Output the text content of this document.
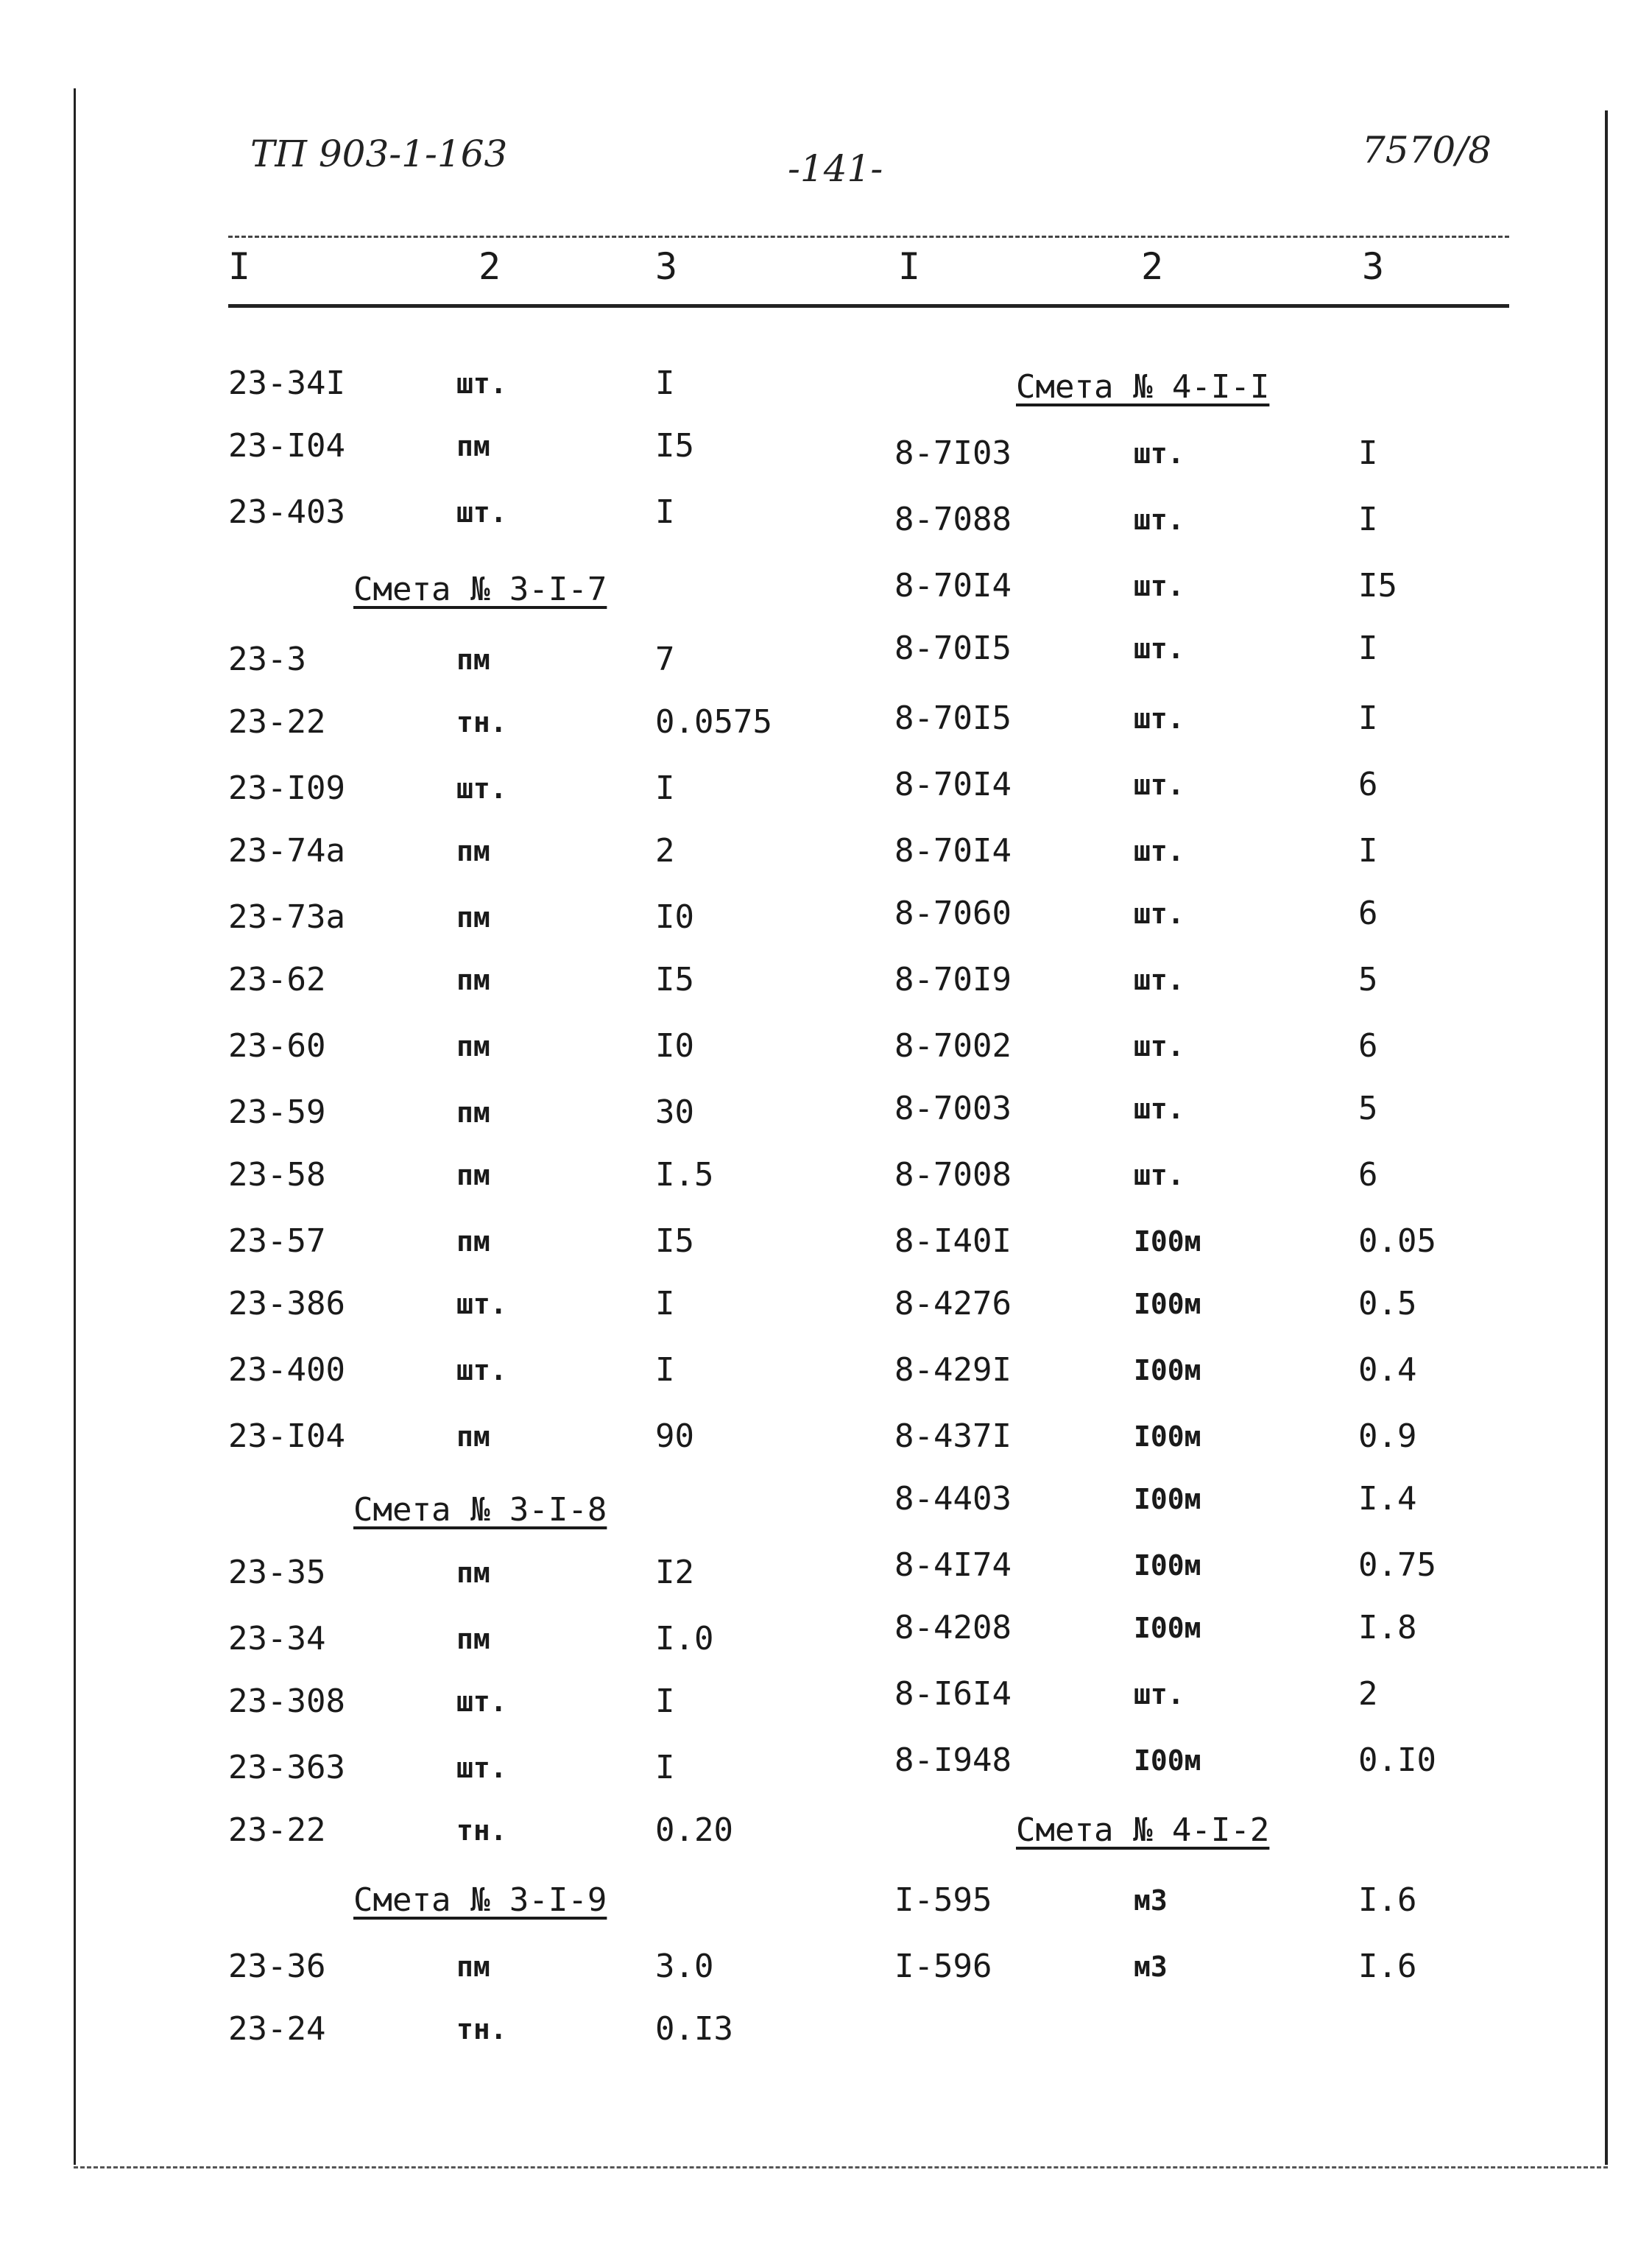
ТП 903-1-163	-141-	7570/8
I	2	3	I	2	3
23-34I	шт.	I
23-I04	пм	I5
23-403	шт.	I
Смета № 3-I-7
23-3	пм	7
23-22	тн.	0.0575
23-I09	шт.	I
23-74а	пм	2
23-73а	пм	I0
23-62	пм	I5
23-60	пм	I0
23-59	пм	30
23-58	пм	I.5
23-57	пм	I5
23-386	шт.	I
23-400	шт.	I
23-I04	пм	90
Смета № 3-I-8
23-35	пм	I2
23-34	пм	I.0
23-308	шт.	I
23-363	шт.	I
23-22	тн.	0.20
Смета № 3-I-9
23-36	пм	3.0
23-24	тн.	0.I3
Смета № 4-I-I
8-7I03	шт.	I
8-7088	шт.	I
8-70I4	шт.	I5
8-70I5	шт.	I
8-70I5	шт.	I
8-70I4	шт.	6
8-70I4	шт.	I
8-7060	шт.	6
8-70I9	шт.	5
8-7002	шт.	6
8-7003	шт.	5
8-7008	шт.	6
8-I40I	I00м	0.05
8-4276	I00м	0.5
8-429I	I00м	0.4
8-437I	I00м	0.9
8-4403	I00м	I.4
8-4I74	I00м	0.75
8-4208	I00м	I.8
8-I6I4	шт.	2
8-I948	I00м	0.I0
Смета № 4-I-2
I-595	м3	I.6
I-596	м3	I.6
